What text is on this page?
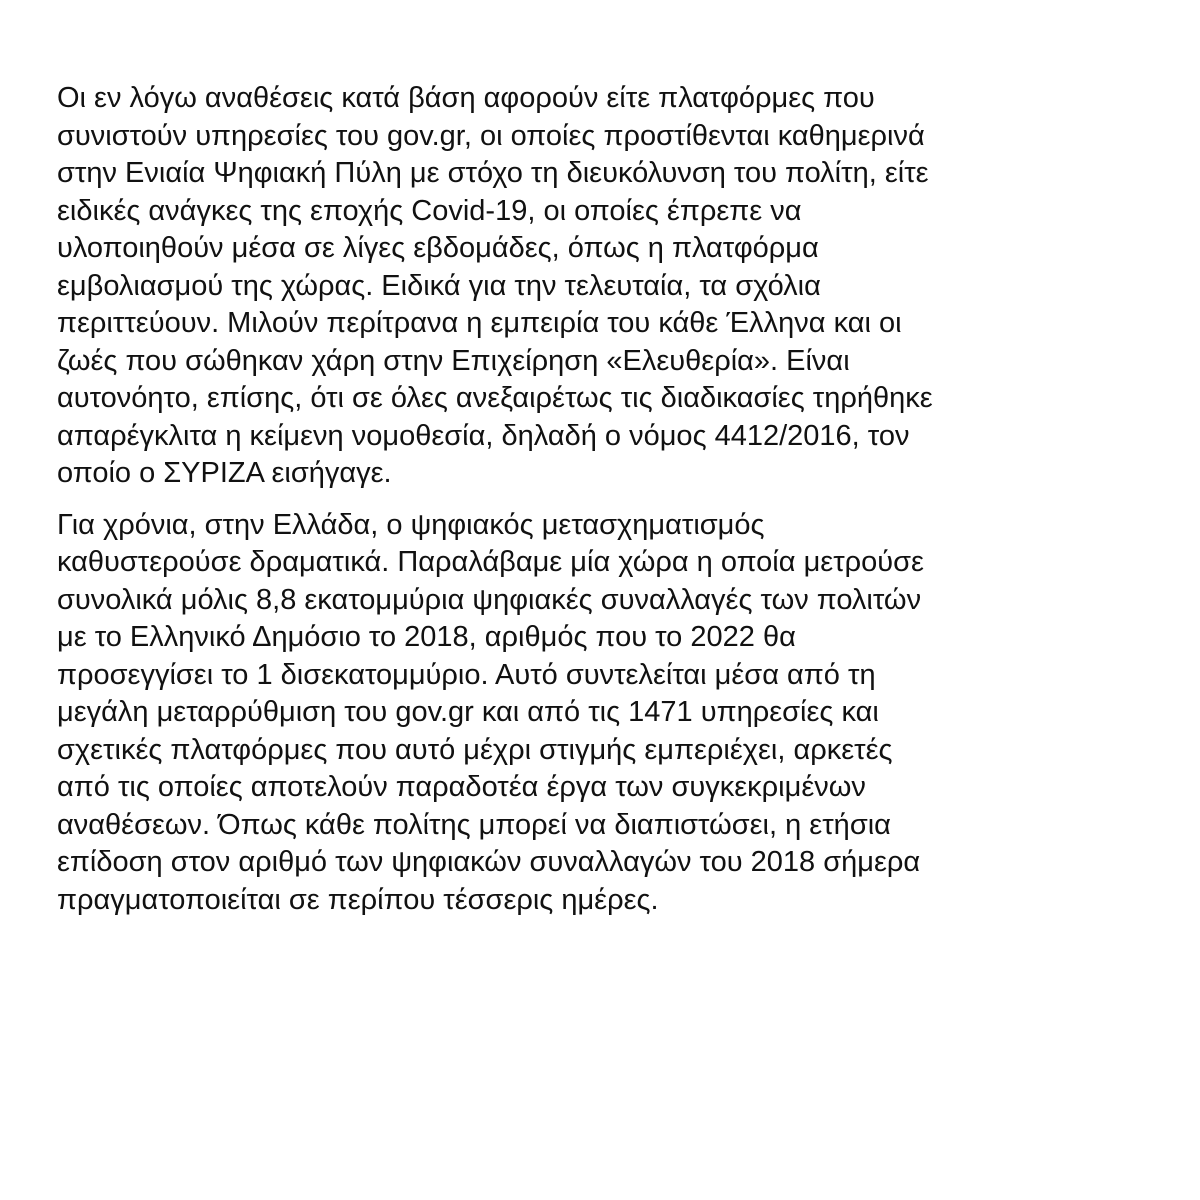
Οι εν λόγω αναθέσεις κατά βάση αφορούν είτε πλατφόρμες που
συνιστούν υπηρεσίες του gov.gr, οι οποίες προστίθενται καθημερινά
στην Ενιαία Ψηφιακή Πύλη με στόχο τη διευκόλυνση του πολίτη, είτε
ειδικές ανάγκες της εποχής Covid-19, οι οποίες έπρεπε να
υλοποιηθούν μέσα σε λίγες εβδομάδες, όπως η πλατφόρμα
εμβολιασμού της χώρας. Ειδικά για την τελευταία, τα σχόλια
περιττεύουν. Μιλούν περίτρανα η εμπειρία του κάθε Έλληνα και οι
ζωές που σώθηκαν χάρη στην Επιχείρηση «Ελευθερία». Είναι
αυτονόητο, επίσης, ότι σε όλες ανεξαιρέτως τις διαδικασίες τηρήθηκε
απαρέγκλιτα η κείμενη νομοθεσία, δηλαδή ο νόμος 4412/2016, τον
οποίο ο ΣΥΡΙΖΑ εισήγαγε.

Για χρόνια, στην Ελλάδα, ο ψηφιακός μετασχηματισμός
καθυστερούσε δραματικά. Παραλάβαμε μία χώρα η οποία μετρούσε
συνολικά μόλις 8,8 εκατομμύρια ψηφιακές συναλλαγές των πολιτών
με το Ελληνικό Δημόσιο το 2018, αριθμός που το 2022 θα
προσεγγίσει το 1 δισεκατομμύριο. Αυτό συντελείται μέσα από τη
μεγάλη μεταρρύθμιση του gov.gr και από τις 1471 υπηρεσίες και
σχετικές πλατφόρμες που αυτό μέχρι στιγμής εμπεριέχει, αρκετές
από τις οποίες αποτελούν παραδοτέα έργα των συγκεκριμένων
αναθέσεων. Όπως κάθε πολίτης μπορεί να διαπιστώσει, η ετήσια
επίδοση στον αριθμό των ψηφιακών συναλλαγών του 2018 σήμερα
πραγματοποιείται σε περίπου τέσσερις ημέρες.
